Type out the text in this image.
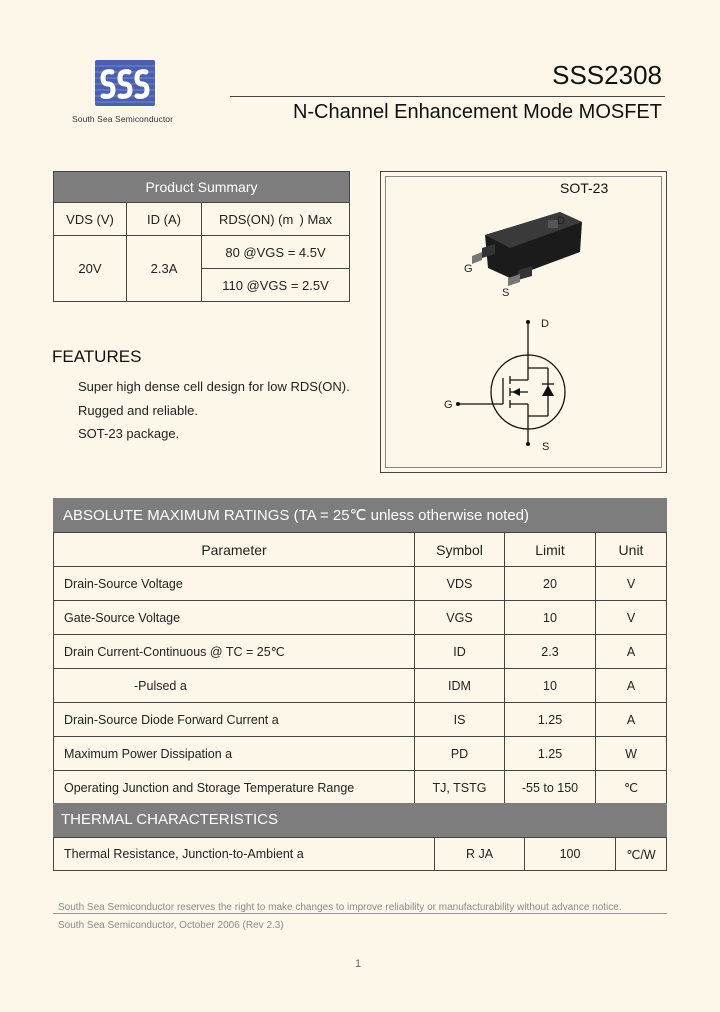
South Sea Semiconductor
SSS2308
N-Channel Enhancement Mode MOSFET
Product Summary		
VDS (V)	ID (A)	RDS(ON) (m  ) Max
20V	2.3A	80 @VGS = 4.5V
		110 @VGS = 2.5V
FEATURES
Super high dense cell design for low RDS(ON).
Rugged and reliable.
SOT-23 package.
SOT-23
D
G
S
D
G
S
ABSOLUTE MAXIMUM RATINGS (TA = 25℃ unless otherwise noted)
Parameter	Symbol	Limit	Unit
Drain-Source Voltage	VDS	20	V
Gate-Source Voltage	VGS	10	V
Drain Current-Continuous @ TC = 25℃	ID	2.3	A
-Pulsed a	IDM	10	A
Drain-Source Diode Forward Current a	IS	1.25	A
Maximum Power Dissipation a	PD	1.25	W
Operating Junction and Storage Temperature Range	TJ, TSTG	-55 to 150	℃
THERMAL CHARACTERISTICS
Thermal Resistance, Junction-to-Ambient a	R JA	100	℃/W
South Sea Semiconductor reserves the right to make changes to improve reliability or manufacturability without advance notice.
South Sea Semiconductor, October 2006 (Rev 2.3)
1
